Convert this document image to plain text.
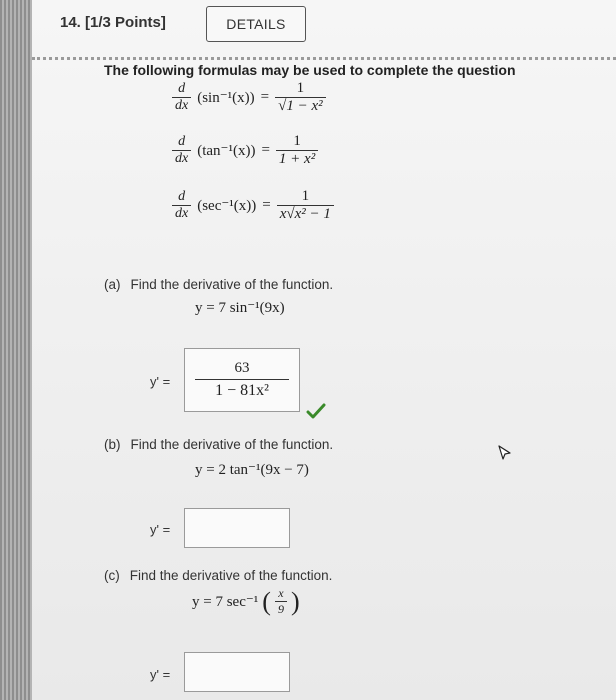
14. [1/3 Points]	DETAILS
The following formulas may be used to complete the question
$\frac{d}{dx} (\sin^{-1}(x)) = \frac{1}{\text{√1 − x²}}$
$\frac{d}{dx} (\tan^{-1}(x)) = \frac{1}{\text{1 + x²}}$
$\frac{d}{dx} (\sec^{-1}(x)) = \frac{1}{\text{x√x² − 1}}$
(a) Find the derivative of the function.
y = 7 sin⁻¹(9x)
y' =
63
1 − 81x²
(b) Find the derivative of the function.
y = 2 tan⁻¹(9x − 7)
y' =
(c) Find the derivative of the function.
y = 7 sec⁻¹ ( $\frac{x}{9}$ )
y' =
